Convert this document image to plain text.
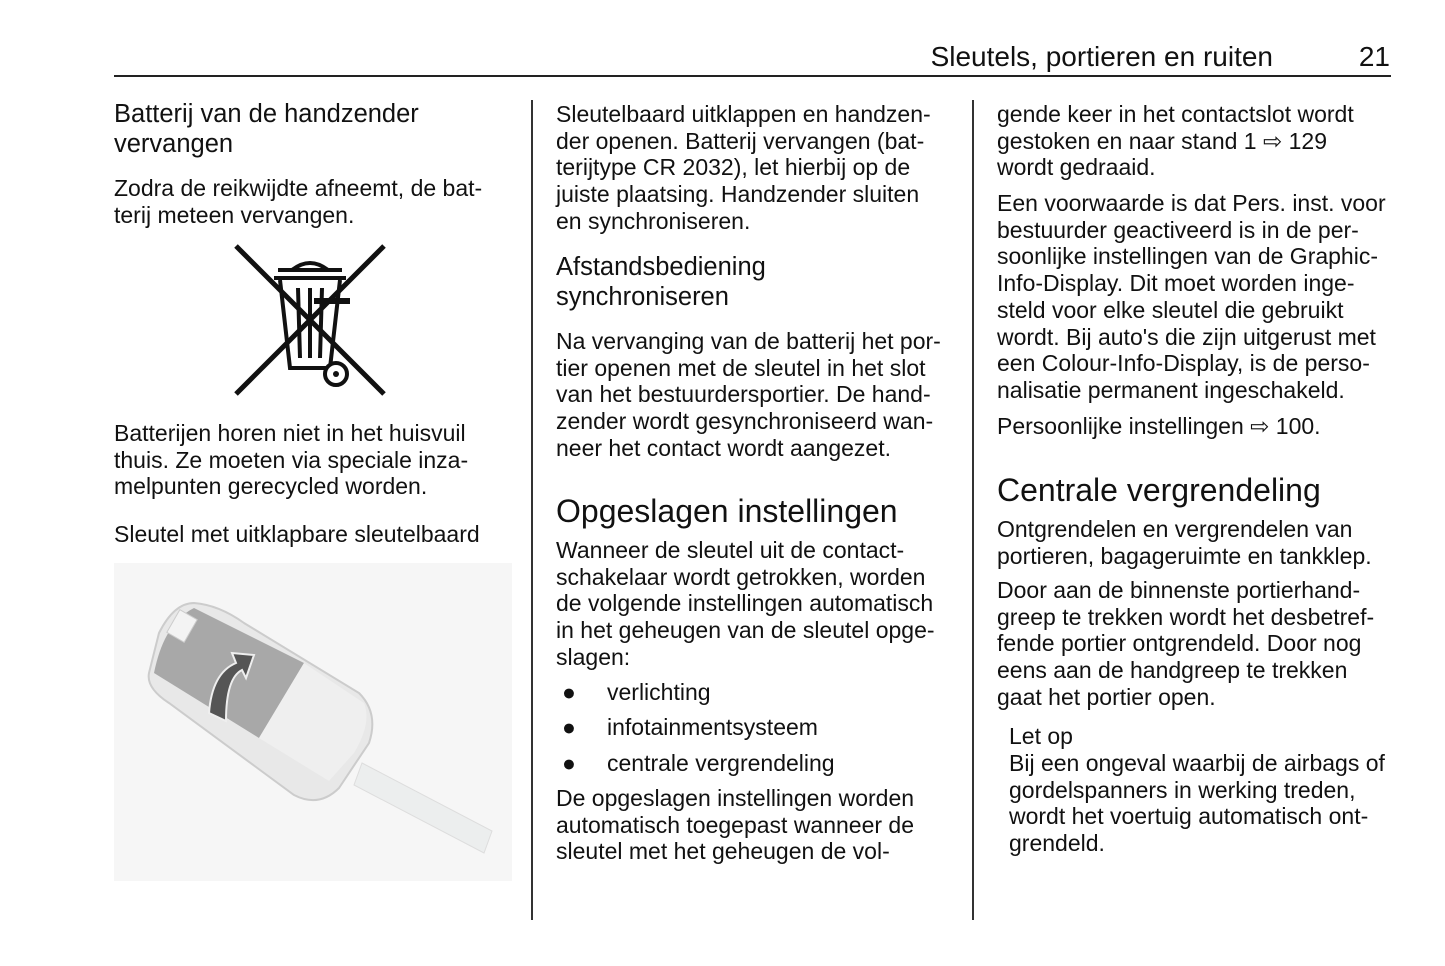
Sleutels, portieren en ruiten	21
Batterij van de handzender
vervangen
Zodra de reikwijdte afneemt, de bat-
terij meteen vervangen.
Batterijen horen niet in het huisvuil
thuis. Ze moeten via speciale inza-
melpunten gerecycled worden.
Sleutel met uitklapbare sleutelbaard
Sleutelbaard uitklappen en handzen-
der openen. Batterij vervangen (bat-
terijtype CR 2032), let hierbij op de
juiste plaatsing. Handzender sluiten
en synchroniseren.
Afstandsbediening
synchroniseren
Na vervanging van de batterij het por-
tier openen met de sleutel in het slot
van het bestuurdersportier. De hand-
zender wordt gesynchroniseerd wan-
neer het contact wordt aangezet.
Opgeslagen instellingen
Wanneer de sleutel uit de contact-
schakelaar wordt getrokken, worden
de volgende instellingen automatisch
in het geheugen van de sleutel opge-
slagen:
● verlichting
● infotainmentsysteem
● centrale vergrendeling
De opgeslagen instellingen worden
automatisch toegepast wanneer de
sleutel met het geheugen de vol-
gende keer in het contactslot wordt
gestoken en naar stand 1 ⇨ 129
wordt gedraaid.
Een voorwaarde is dat Pers. inst. voor
bestuurder geactiveerd is in de per-
soonlijke instellingen van de Graphic-
Info-Display. Dit moet worden inge-
steld voor elke sleutel die gebruikt
wordt. Bij auto's die zijn uitgerust met
een Colour-Info-Display, is de perso-
nalisatie permanent ingeschakeld.
Persoonlijke instellingen ⇨ 100.
Centrale vergrendeling
Ontgrendelen en vergrendelen van
portieren, bagageruimte en tankklep.
Door aan de binnenste portierhand-
greep te trekken wordt het desbetref-
fende portier ontgrendeld. Door nog
eens aan de handgreep te trekken
gaat het portier open.
Let op
Bij een ongeval waarbij de airbags of
gordelspanners in werking treden,
wordt het voertuig automatisch ont-
grendeld.
